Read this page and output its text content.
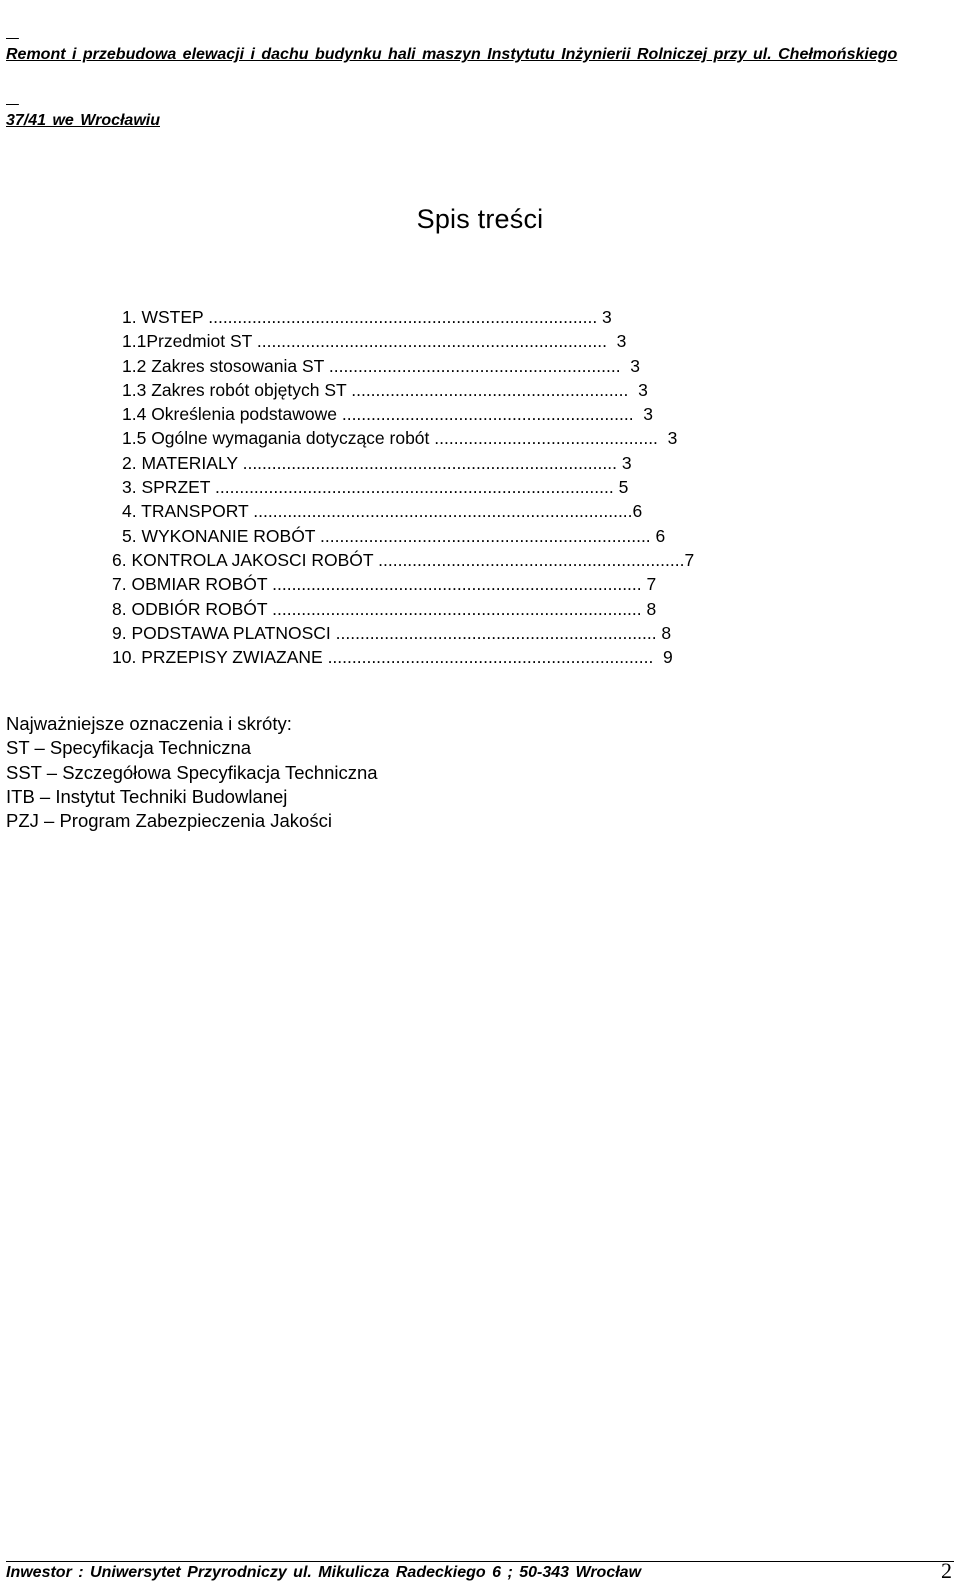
Remont i przebudowa elewacji i dachu budynku hali maszyn Instytutu Inżynierii Rolniczej przy ul. Chełmońskiego

37/41 we Wrocławiu

Spis treści
1. WSTEP ................................................................................ 3
1.1Przedmiot ST ........................................................................  3
1.2 Zakres stosowania ST ............................................................  3
1.3 Zakres robót objętych ST .........................................................  3
1.4 Określenia podstawowe ............................................................  3
1.5 Ogólne wymagania dotyczące robót ..............................................  3
2. MATERIALY ............................................................................. 3
3. SPRZET .................................................................................. 5
4. TRANSPORT ..............................................................................6
5. WYKONANIE ROBÓT .................................................................... 6
6. KONTROLA JAKOSCI ROBÓT ...............................................................7
7. OBMIAR ROBÓT ............................................................................ 7
8. ODBIÓR ROBÓT ............................................................................ 8
9. PODSTAWA PLATNOSCI .................................................................. 8
10. PRZEPISY ZWIAZANE ...................................................................  9
Najważniejsze oznaczenia i skróty:
ST – Specyfikacja Techniczna
SST – Szczegółowa Specyfikacja Techniczna
ITB – Instytut Techniki Budowlanej
PZJ – Program Zabezpieczenia Jakości
Inwestor : Uniwersytet Przyrodniczy ul. Mikulicza Radeckiego 6 ; 50-343 Wrocław	2
